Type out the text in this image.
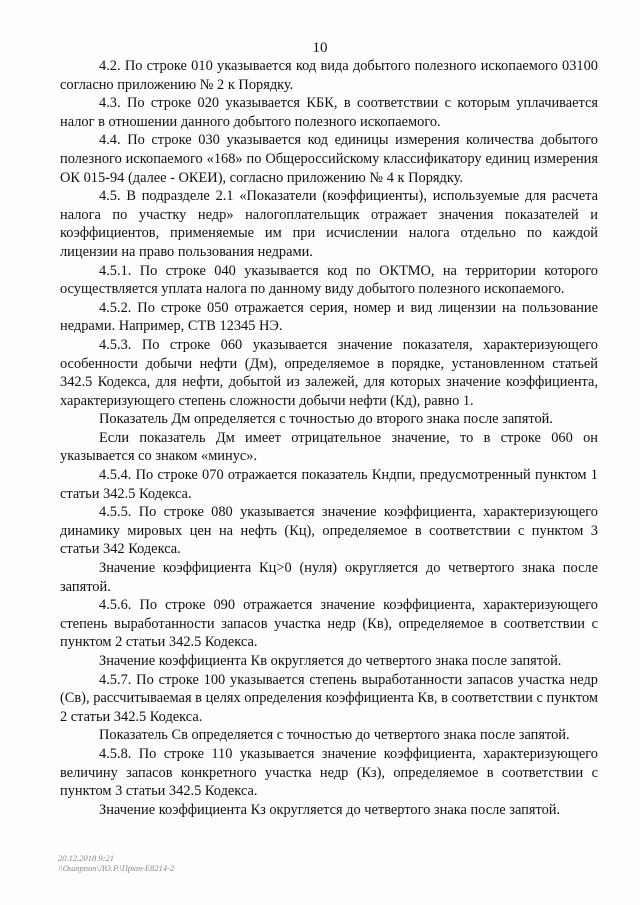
10

4.2. По строке 010 указывается код вида добытого полезного ископаемого 03100 согласно приложению № 2 к Порядку.

4.3. По строке 020 указывается КБК, в соответствии с которым уплачивается налог в отношении данного добытого полезного ископаемого.

4.4. По строке 030 указывается код единицы измерения количества добытого полезного ископаемого «168» по Общероссийскому классификатору единиц измерения ОК 015-94 (далее - ОКЕИ), согласно приложению № 4 к Порядку.

4.5. В подразделе 2.1 «Показатели (коэффициенты), используемые для расчета налога по участку недр» налогоплательщик отражает значения показателей и коэффициентов, применяемые им при исчислении налога отдельно по каждой лицензии на право пользования недрами.

4.5.1. По строке 040 указывается код по ОКТМО, на территории которого осуществляется уплата налога по данному виду добытого полезного ископаемого.

4.5.2. По строке 050 отражается серия, номер и вид лицензии на пользование недрами. Например, СТВ 12345 НЭ.

4.5.3. По строке 060 указывается значение показателя, характеризующего особенности добычи нефти (Дм), определяемое в порядке, установленном статьей 342.5 Кодекса, для нефти, добытой из залежей, для которых значение коэффициента, характеризующего степень сложности добычи нефти (Кд), равно 1.

Показатель Дм определяется с точностью до второго знака после запятой.

Если показатель Дм имеет отрицательное значение, то в строке 060 он указывается со знаком «минус».

4.5.4. По строке 070 отражается показатель Кндпи, предусмотренный пунктом 1 статьи 342.5 Кодекса.

4.5.5. По строке 080 указывается значение коэффициента, характеризующего динамику мировых цен на нефть (Кц), определяемое в соответствии с пунктом 3 статьи 342 Кодекса.

Значение коэффициента Кц>0 (нуля) округляется до четвертого знака после запятой.

4.5.6. По строке 090 отражается значение коэффициента, характеризующего степень выработанности запасов участка недр (Кв), определяемое в соответствии с пунктом 2 статьи 342.5 Кодекса.

Значение коэффициента Кв округляется до четвертого знака после запятой.

4.5.7. По строке 100 указывается степень выработанности запасов участка недр (Св), рассчитываемая в целях определения коэффициента Кв, в соответствии с пунктом 2 статьи 342.5 Кодекса.

Показатель Св определяется с точностью до четвертого знака после запятой.

4.5.8. По строке 110 указывается значение коэффициента, характеризующего величину запасов конкретного участка недр (Кз), определяемое в соответствии с пунктом 3 статьи 342.5 Кодекса.

Значение коэффициента Кз округляется до четвертого знака после запятой.

20.12.2018 9:21
\\Ошпрпнп\ЛО.Р.\Пркт-Е8214-2
